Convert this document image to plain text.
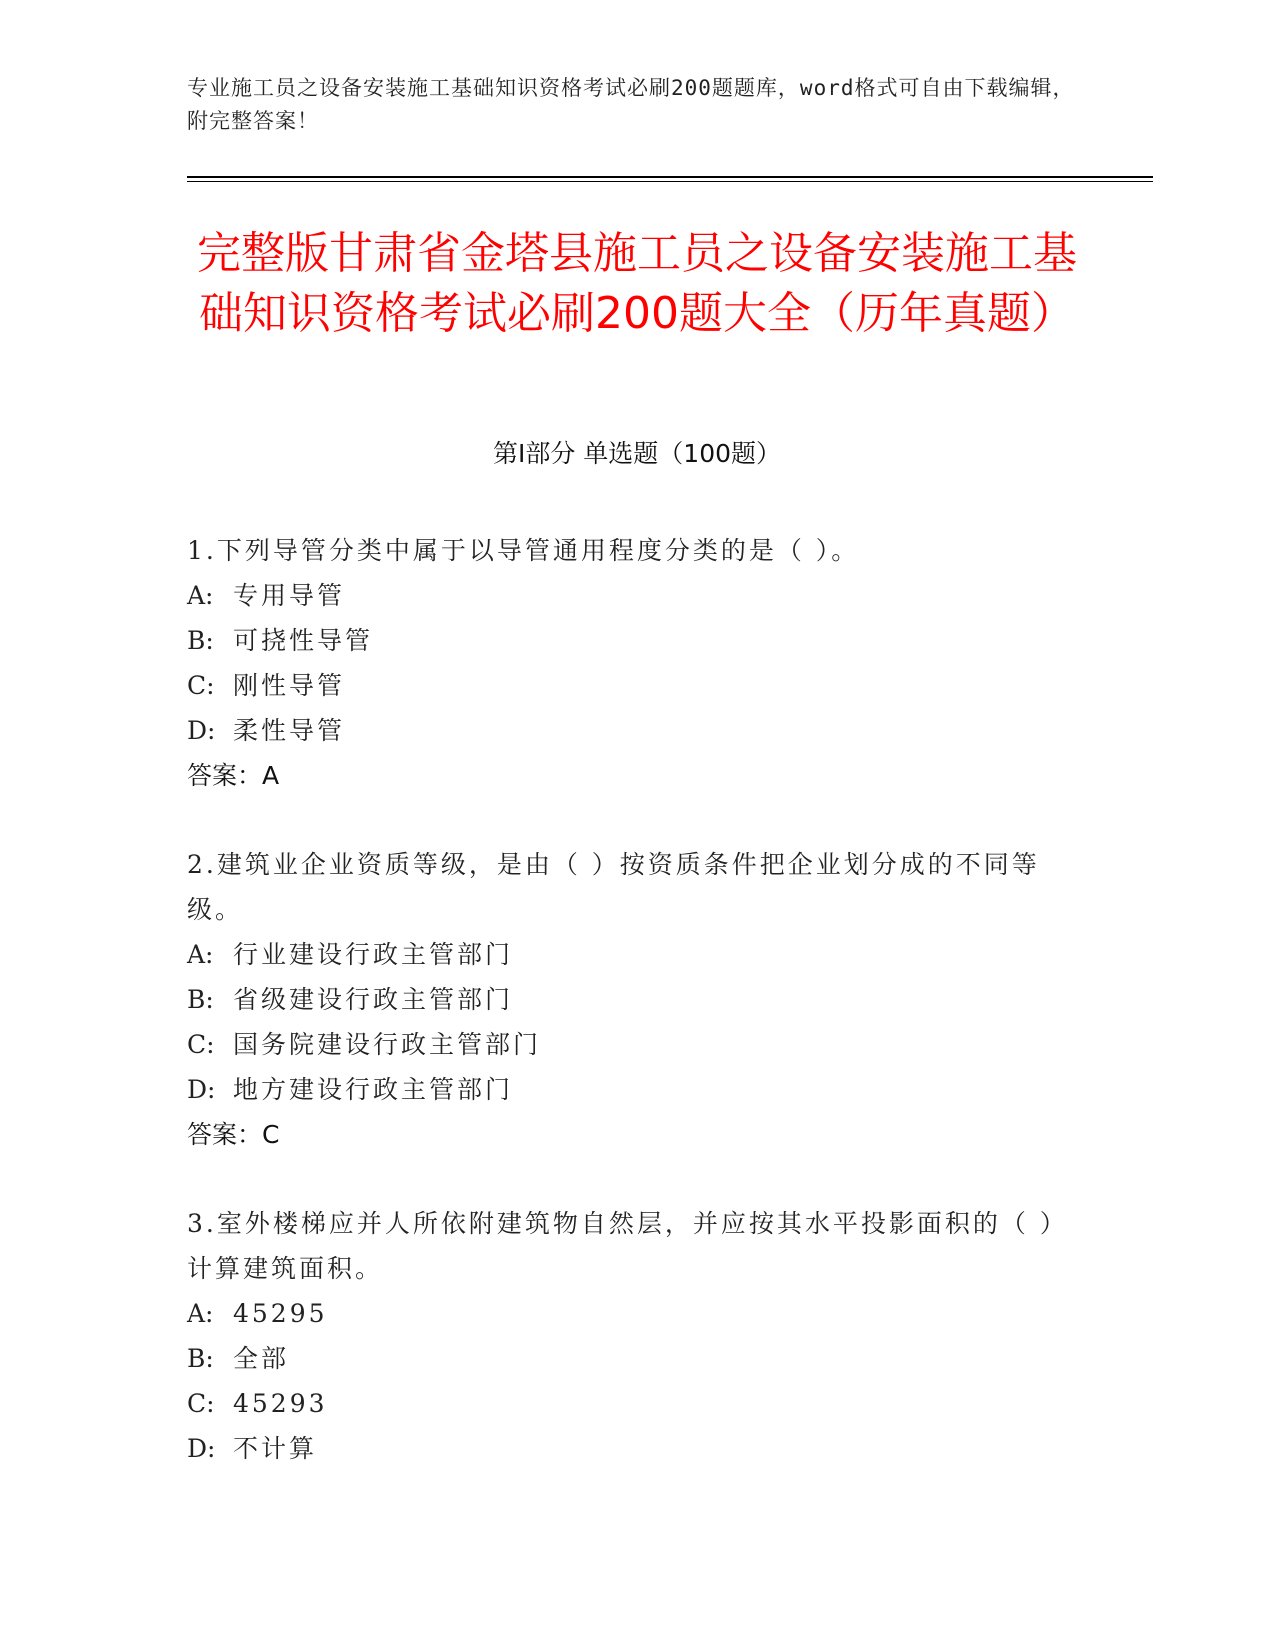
专业施工员之设备安装施工基础知识资格考试必刷200题题库，word格式可自由下载编辑，附完整答案！
完整版甘肃省金塔县施工员之设备安装施工基础知识资格考试必刷200题大全（历年真题）
第Ⅰ部分 单选题（100题）

1.下列导管分类中属于以导管通用程度分类的是（ ）。

A: 专用导管

B: 可挠性导管

C: 刚性导管

D: 柔性导管

答案：A

2.建筑业企业资质等级，是由（ ）按资质条件把企业划分成的不同等级。

A: 行业建设行政主管部门

B: 省级建设行政主管部门

C: 国务院建设行政主管部门

D: 地方建设行政主管部门

答案：C

3.室外楼梯应并人所依附建筑物自然层，并应按其水平投影面积的（ ）计算建筑面积。

A: 45295

B: 全部

C: 45293

D: 不计算
